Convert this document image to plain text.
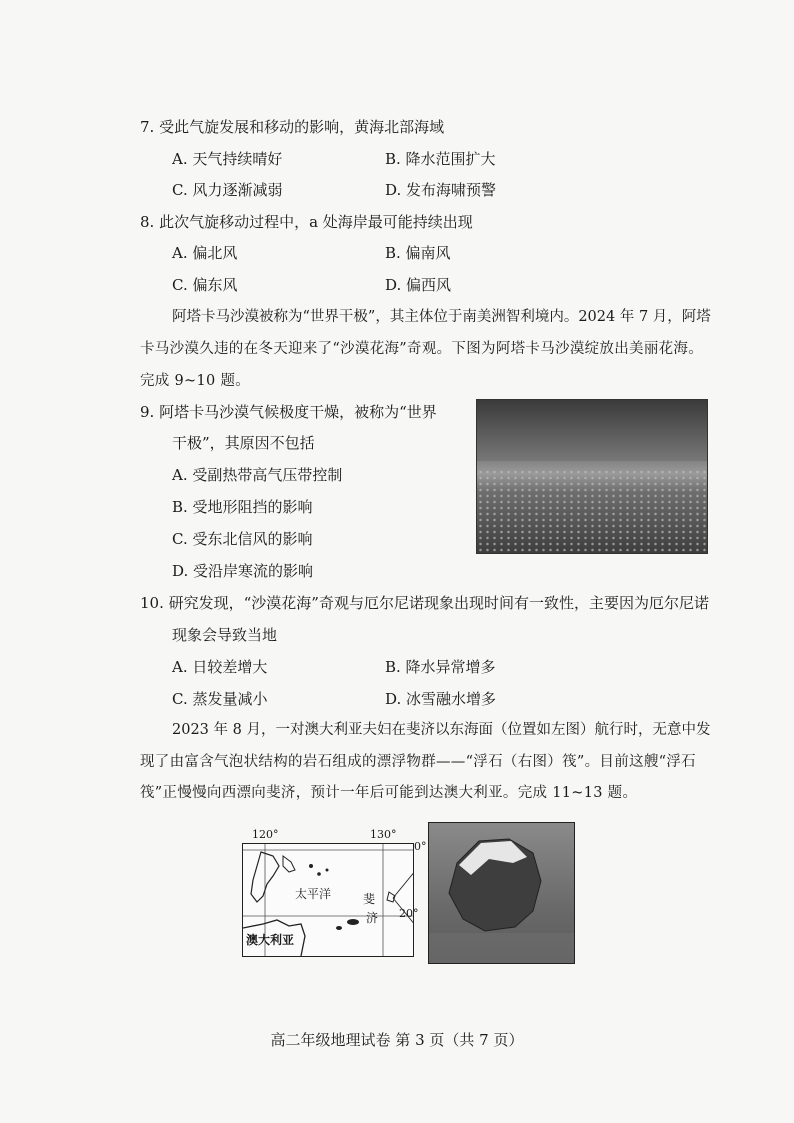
7. 受此气旋发展和移动的影响，黄海北部海域
A. 天气持续晴好	B. 降水范围扩大
C. 风力逐渐减弱	D. 发布海啸预警
8. 此次气旋移动过程中，a 处海岸最可能持续出现
A. 偏北风	B. 偏南风
C. 偏东风	D. 偏西风
阿塔卡马沙漠被称为“世界干极”，其主体位于南美洲智利境内。2024 年 7 月，阿塔
卡马沙漠久违的在冬天迎来了“沙漠花海”奇观。下图为阿塔卡马沙漠绽放出美丽花海。
完成 9~10 题。
9. 阿塔卡马沙漠气候极度干燥，被称为“世界
干极”，其原因不包括
A. 受副热带高气压带控制
B. 受地形阻挡的影响
C. 受东北信风的影响
D. 受沿岸寒流的影响
10. 研究发现，“沙漠花海”奇观与厄尔尼诺现象出现时间有一致性，主要因为厄尔尼诺
现象会导致当地
A. 日较差增大	B. 降水异常增多
C. 蒸发量减小	D. 冰雪融水增多
2023 年 8 月，一对澳大利亚夫妇在斐济以东海面（位置如左图）航行时，无意中发
现了由富含气泡状结构的岩石组成的漂浮物群——“浮石（右图）筏”。目前这艘“浮石
筏”正慢慢向西漂向斐济，预计一年后可能到达澳大利亚。完成 11~13 题。
120°	130°
0°
20°
太平洋	斐
济
澳大利亚
高二年级地理试卷 第 3 页（共 7 页）
